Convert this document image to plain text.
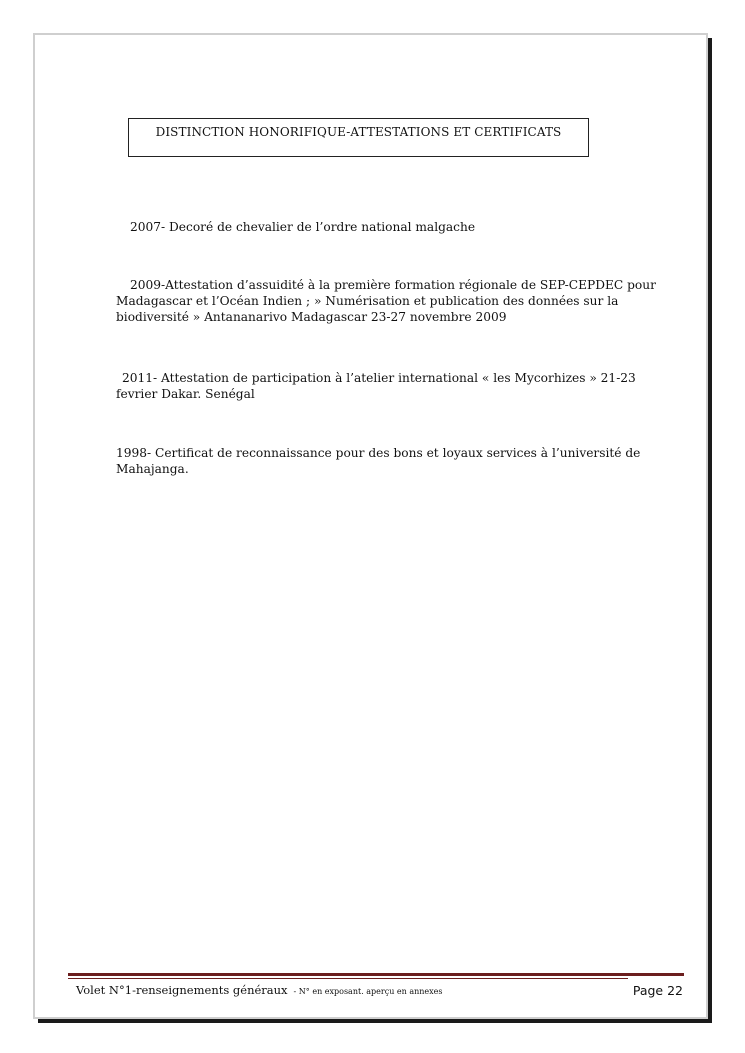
DISTINCTION HONORIFIQUE-ATTESTATIONS ET CERTIFICATS

2007- Decoré de chevalier de l’ordre national malgache

2009-Attestation d’assuidité à la première formation régionale de SEP-CEPDEC pour Madagascar et l’Océan Indien ; » Numérisation et publication des données sur la biodiversité » Antananarivo Madagascar 23-27 novembre 2009

2011- Attestation de participation à l’atelier international « les Mycorhizes » 21-23 fevrier Dakar. Senégal

1998- Certificat de reconnaissance pour des bons et loyaux services à l’université de Mahajanga.

Volet N°1-renseignements généraux - N° en exposant. aperçu en annexes	Page 22
